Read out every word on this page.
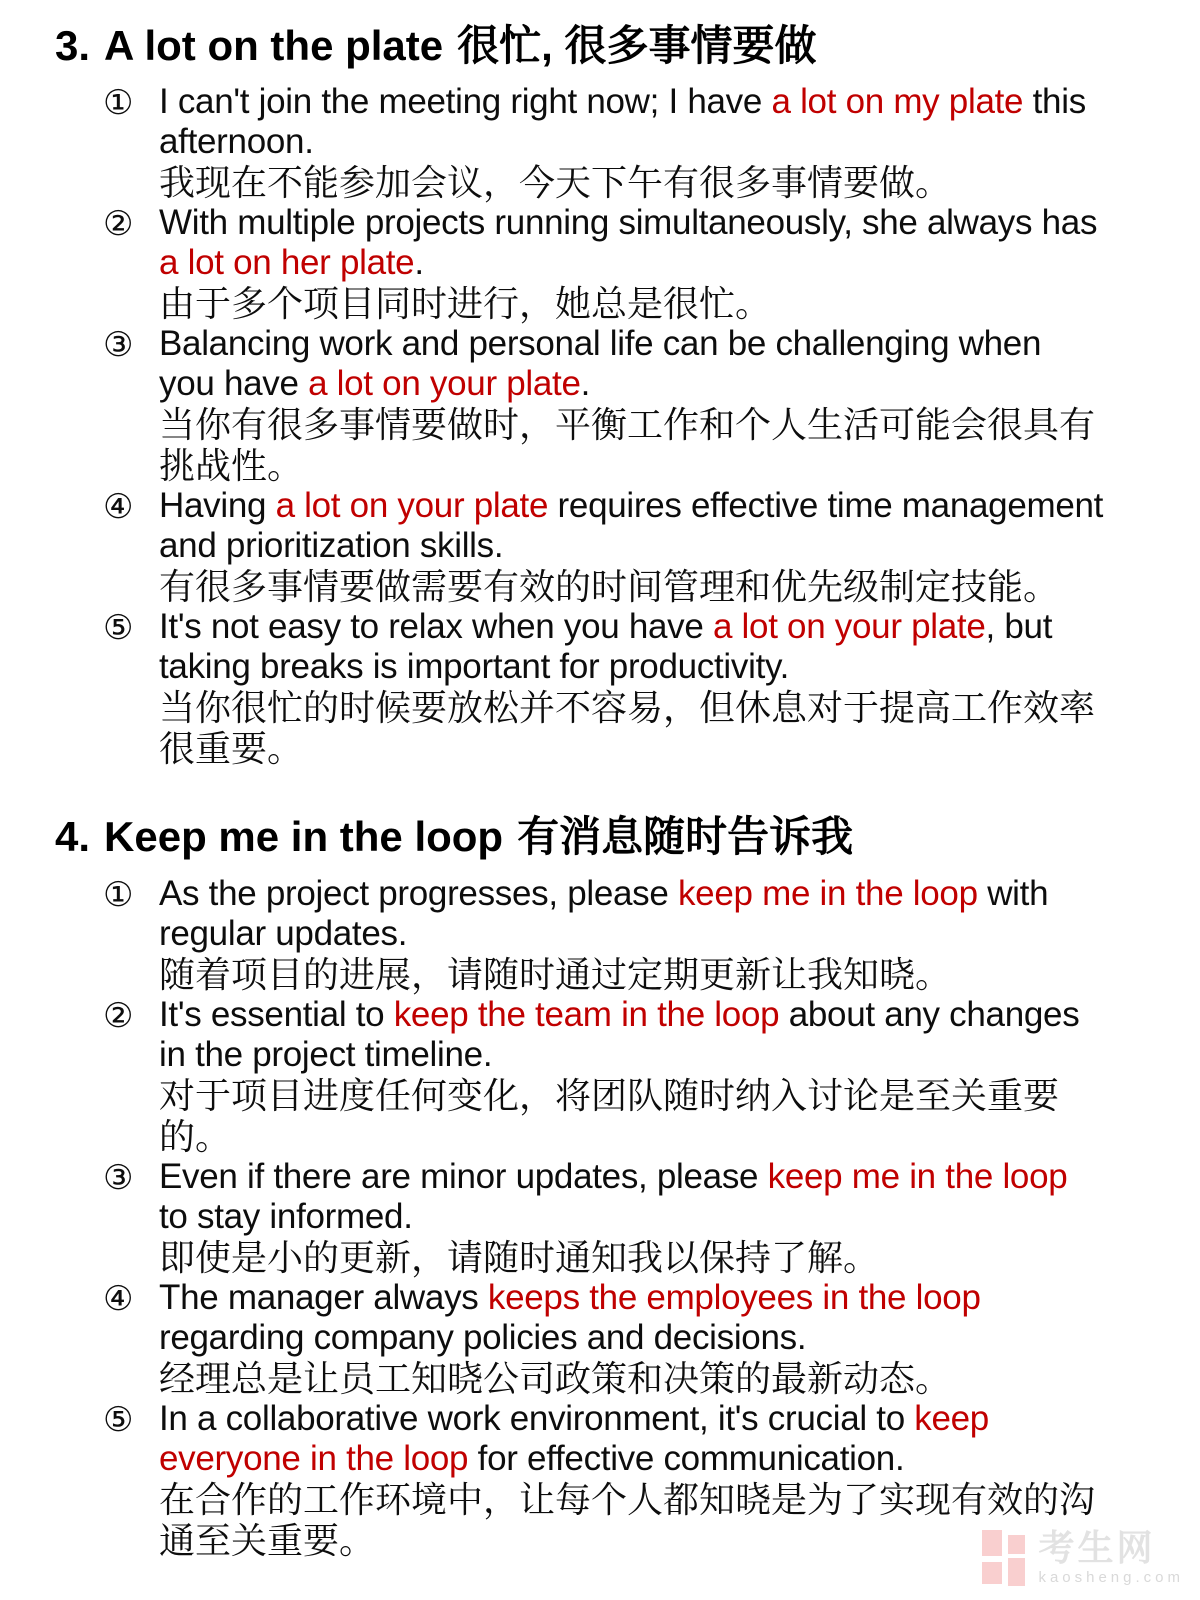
3. A lot on the plate 很忙, 很多事情要做
① I can't join the meeting right now; I have a lot on my plate this afternoon.

我现在不能参加会议，今天下午有很多事情要做。

② With multiple projects running simultaneously, she always has a lot on her plate.

由于多个项目同时进行，她总是很忙。

③ Balancing work and personal life can be challenging when you have a lot on your plate.

当你有很多事情要做时，平衡工作和个人生活可能会很具有挑战性。

④ Having a lot on your plate requires effective time management and prioritization skills.

有很多事情要做需要有效的时间管理和优先级制定技能。

⑤ It's not easy to relax when you have a lot on your plate, but taking breaks is important for productivity.

当你很忙的时候要放松并不容易，但休息对于提高工作效率很重要。

4. Keep me in the loop 有消息随时告诉我
① As the project progresses, please keep me in the loop with regular updates.

随着项目的进展，请随时通过定期更新让我知晓。

② It's essential to keep the team in the loop about any changes in the project timeline.

对于项目进度任何变化，将团队随时纳入讨论是至关重要的。

③ Even if there are minor updates, please keep me in the loop to stay informed.

即使是小的更新，请随时通知我以保持了解。

④ The manager always keeps the employees in the loop regarding company policies and decisions.

经理总是让员工知晓公司政策和决策的最新动态。

⑤ In a collaborative work environment, it's crucial to keep everyone in the loop for effective communication.

在合作的工作环境中，让每个人都知晓是为了实现有效的沟通至关重要。	考生网
kaosheng.com
